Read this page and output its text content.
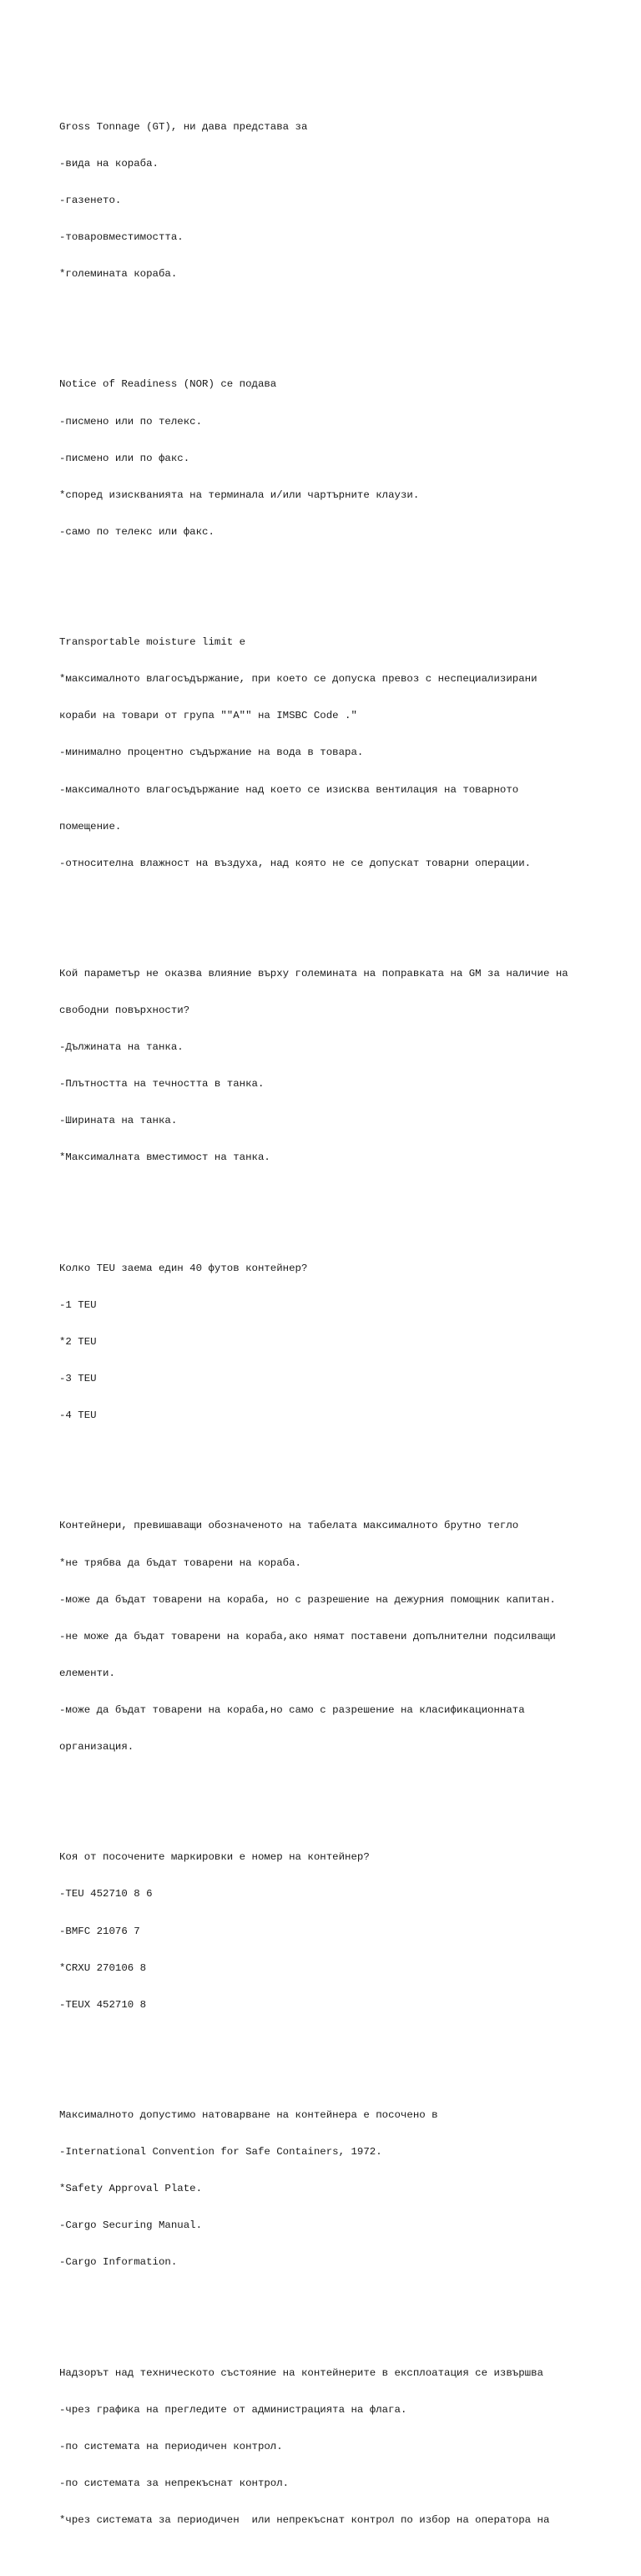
Gross Tonnage (GT), ни дава представа за

-вида на кораба.

-газенето.

-товаровместимостта.

*големината кораба.

Notice of Readiness (NOR) се подава

-писмено или по телекс.

-писмено или по факс.

*според изискванията на терминала и/или чартърните клаузи.

-само по телекс или факс.

Transportable moisture limit е

*максималното влагосъдържание, при което се допуска превоз с неспециализирани

кораби на товари от група ""A"" на IMSBC Code ."

-минимално процентно съдържание на вода в товара.

-максималното влагосъдържание над което се изисква вентилация на товарното

помещение.

-относителна влажност на въздуха, над която не се допускат товарни операции.

Кой параметър не оказва влияние върху големината на поправката на GM за наличие на

свободни повърхности?

-Дължината на танка.

-Плътността на течността в танка.

-Ширината на танка.

*Максималната вместимост на танка.

Колко TEU заема един 40 футов контейнер?

-1 TEU

*2 TEU

-3 TEU

-4 TEU

Контейнери, превишаващи обозначеното на табелата максималното брутно тегло

*не трябва да бъдат товарени на кораба.

-може да бъдат товарени на кораба, но с разрешение на дежурния помощник капитан.

-не може да бъдат товарени на кораба,ако нямат поставени допълнителни подсилващи

елементи.

-може да бъдат товарени на кораба,но само с разрешение на класификационната

организация.

Коя от посочените маркировки е номер на контейнер?

-TEU 452710 8 6

-BMFC 21076 7

*CRXU 270106 8

-TEUX 452710 8

Максималното допустимо натоварване на контейнера е посочено в

-International Convention for Safe Containers, 1972.

*Safety Approval Plate.

-Cargo Securing Manual.

-Cargo Information.

Надзорът над техническото състояние на контейнерите в експлоатация се извършва

-чрез графика на прегледите от администрацията на флага.

-по системата на периодичен контрол.

-по системата за непрекъснат контрол.

*чрез системата за периодичен  или непрекъснат контрол по избор на оператора на
